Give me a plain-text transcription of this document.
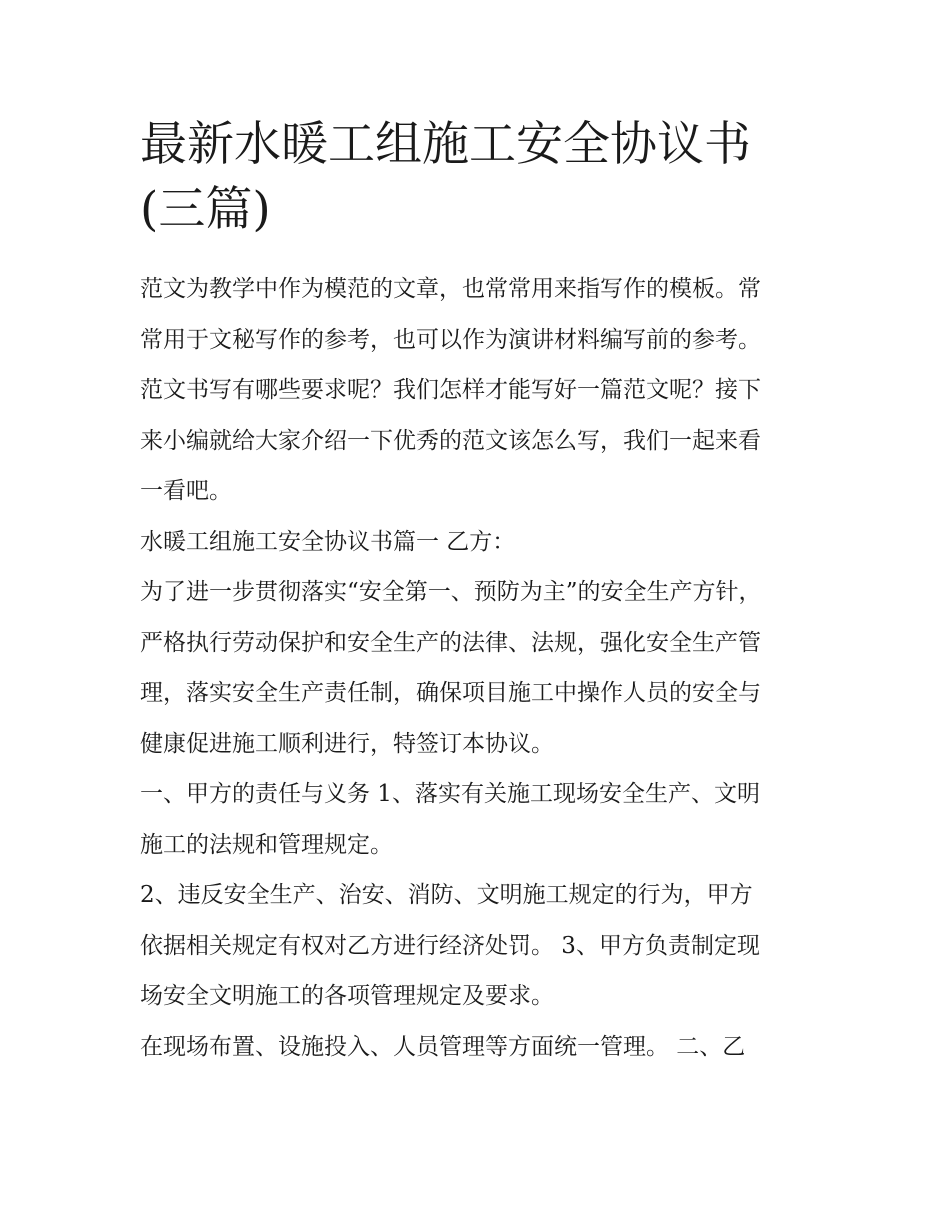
最新水暖工组施工安全协议书
(三篇)
范文为教学中作为模范的文章，也常常用来指写作的模板。常
常用于文秘写作的参考，也可以作为演讲材料编写前的参考。
范文书写有哪些要求呢？我们怎样才能写好一篇范文呢？接下
来小编就给大家介绍一下优秀的范文该怎么写，我们一起来看
一看吧。
水暖工组施工安全协议书篇一 乙方：
为了进一步贯彻落实“安全第一、预防为主”的安全生产方针，
严格执行劳动保护和安全生产的法律、法规，强化安全生产管
理，落实安全生产责任制，确保项目施工中操作人员的安全与
健康促进施工顺利进行，特签订本协议。
一、甲方的责任与义务 1、落实有关施工现场安全生产、文明
施工的法规和管理规定。
2、违反安全生产、治安、消防、文明施工规定的行为，甲方
依据相关规定有权对乙方进行经济处罚。 3、甲方负责制定现
场安全文明施工的各项管理规定及要求。
在现场布置、设施投入、人员管理等方面统一管理。 二、乙
